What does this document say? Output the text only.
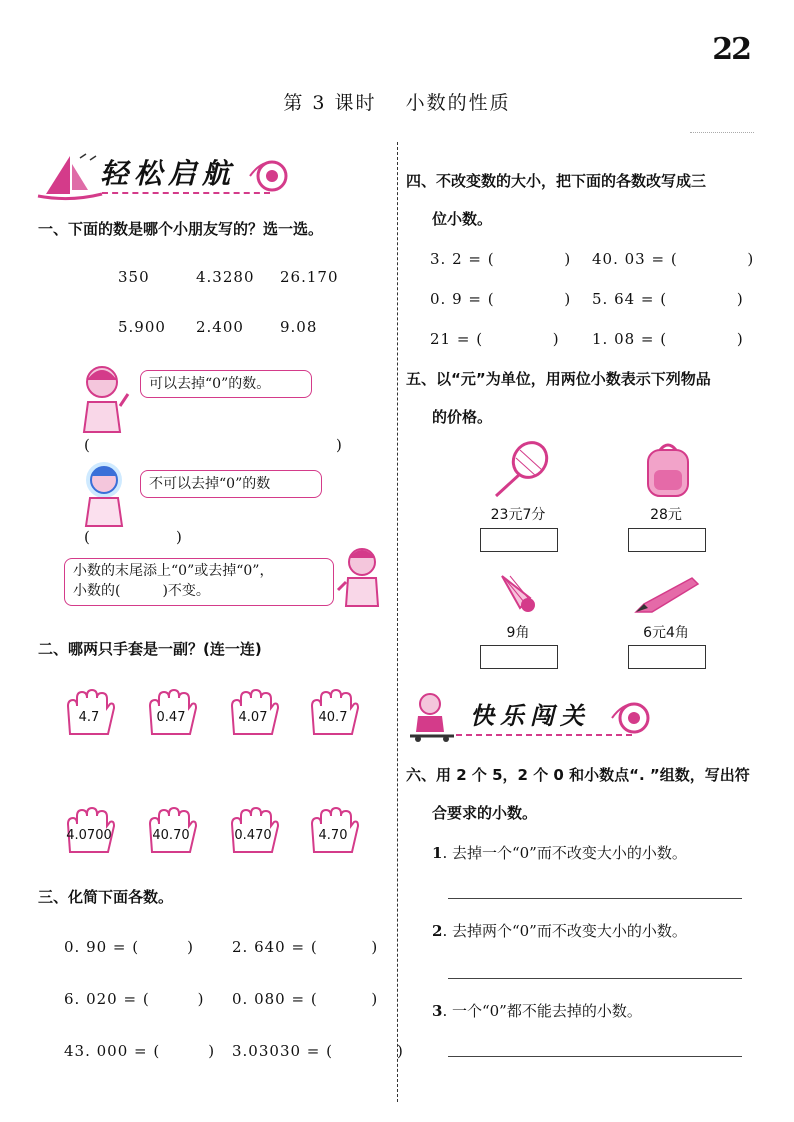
22
第 3 课时　 小数的性质
轻松启航
一、下面的数是哪个小朋友写的？选一选。
350	4.3280 26.170
5.900 2.400 9.08
可以去掉“0”的数。
(	)
不可以去掉“0”的数
(	)
小数的末尾添上“0”或去掉“0”，
小数的(　　　)不变。
二、哪两只手套是一副？(连一连)
4.7	0.47	4.07	40.7
4.0700	40.70	0.470	4.70
三、化简下面各数。
0. 90 = (　　　)	2. 640 = (　　　 )
6. 020 = (　　　) 0. 080 = (　　　 )
43. 000 = (　　　) 3.03030 = (　　　　)
四、不改变数的大小，把下面的各数改写成三
位小数。
3. 2 = (　　　　 ) 40. 03 = (　　　　 )
0. 9 = (　　　　 ) 5. 64 = (　　　　 )
21 = (　　　　 ) 1. 08 = (　　　　 )
五、以“元”为单位，用两位小数表示下列物品
的价格。
23元7分	28元
9角	6元4角
快乐闯关
六、用 2 个 5，2 个 0 和小数点“. ”组数，写出符
合要求的小数。
1. 去掉一个“0”而不改变大小的小数。
2. 去掉两个“0”而不改变大小的小数。
3. 一个“0”都不能去掉的小数。
